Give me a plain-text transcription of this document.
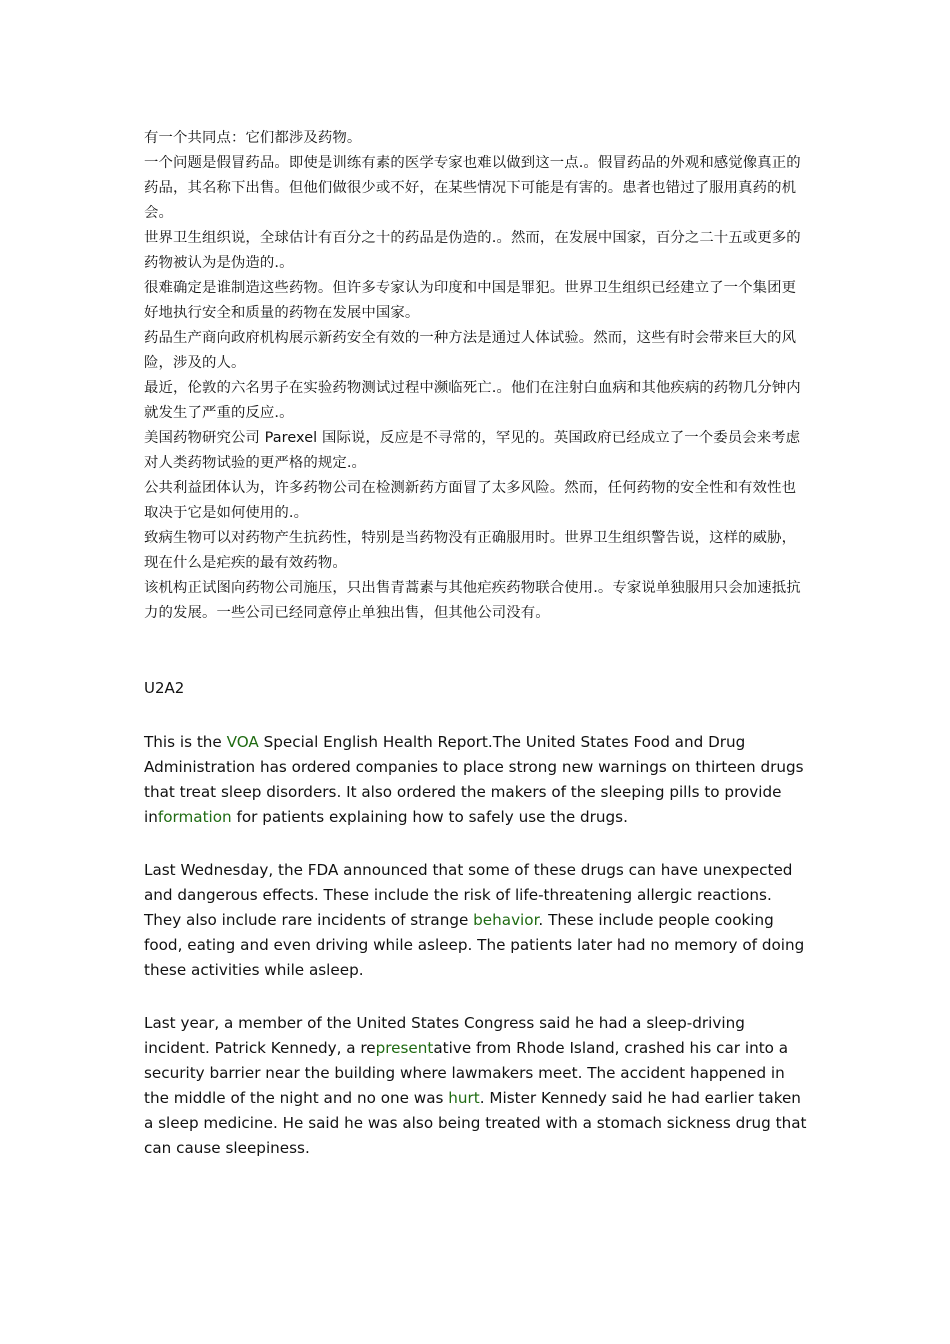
有一个共同点：它们都涉及药物。

一个问题是假冒药品。即使是训练有素的医学专家也难以做到这一点.。假冒药品的外观和感觉像真正的药品，其名称下出售。但他们做很少或不好，在某些情况下可能是有害的。患者也错过了服用真药的机会。

世界卫生组织说，全球估计有百分之十的药品是伪造的.。然而，在发展中国家，百分之二十五或更多的药物被认为是伪造的.。

很难确定是谁制造这些药物。但许多专家认为印度和中国是罪犯。世界卫生组织已经建立了一个集团更好地执行安全和质量的药物在发展中国家。

药品生产商向政府机构展示新药安全有效的一种方法是通过人体试验。然而，这些有时会带来巨大的风险，涉及的人。

最近，伦敦的六名男子在实验药物测试过程中濒临死亡.。他们在注射白血病和其他疾病的药物几分钟内就发生了严重的反应.。

美国药物研究公司 Parexel 国际说，反应是不寻常的，罕见的。英国政府已经成立了一个委员会来考虑对人类药物试验的更严格的规定.。

公共利益团体认为，许多药物公司在检测新药方面冒了太多风险。然而，任何药物的安全性和有效性也取决于它是如何使用的.。

致病生物可以对药物产生抗药性，特别是当药物没有正确服用时。世界卫生组织警告说，这样的威胁，现在什么是疟疾的最有效药物。

该机构正试图向药物公司施压，只出售青蒿素与其他疟疾药物联合使用.。专家说单独服用只会加速抵抗力的发展。一些公司已经同意停止单独出售，但其他公司没有。

U2A2

This is the VOA Special English Health Report.The United States Food and Drug Administration has ordered companies to place strong new warnings on thirteen drugs that treat sleep disorders. It also ordered the makers of the sleeping pills to provide information for patients explaining how to safely use the drugs.

Last Wednesday, the FDA announced that some of these drugs can have unexpected and dangerous effects. These include the risk of life-threatening allergic reactions. They also include rare incidents of strange behavior. These include people cooking food, eating and even driving while asleep. The patients later had no memory of doing these activities while asleep.

Last year, a member of the United States Congress said he had a sleep-driving incident. Patrick Kennedy, a representative from Rhode Island, crashed his car into a security barrier near the building where lawmakers meet. The accident happened in the middle of the night and no one was hurt. Mister Kennedy said he had earlier taken a sleep medicine. He said he was also being treated with a stomach sickness drug that can cause sleepiness.
